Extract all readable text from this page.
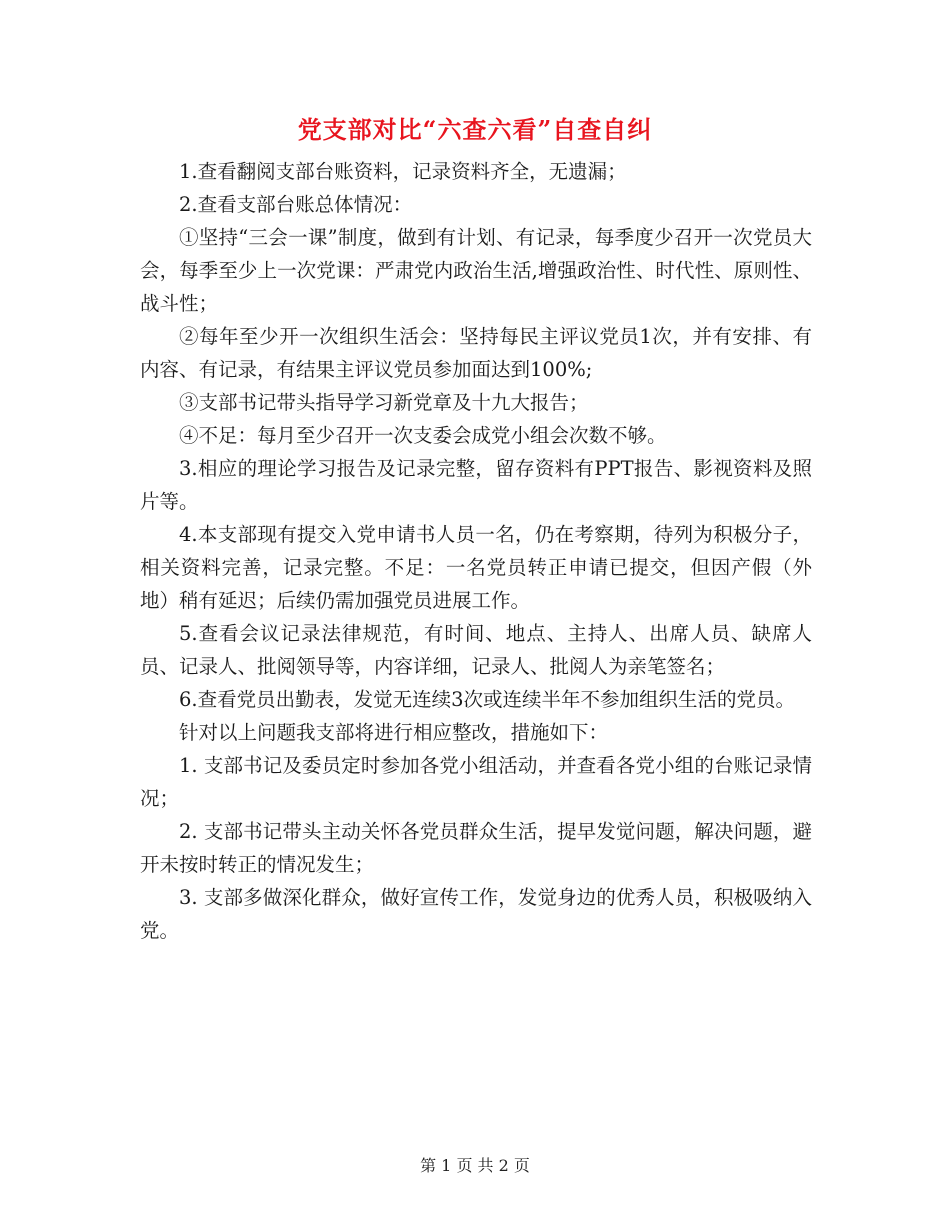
党支部对比“六查六看”自查自纠

1.查看翻阅支部台账资料，记录资料齐全，无遗漏；

2.查看支部台账总体情况：

①坚持“三会一课”制度，做到有计划、有记录，每季度少召开一次党员大会，每季至少上一次党课：严肃党内政治生活,增强政治性、时代性、原则性、战斗性；

②每年至少开一次组织生活会：坚持每民主评议党员1次，并有安排、有内容、有记录，有结果主评议党员参加面达到100%;

③支部书记带头指导学习新党章及十九大报告；

④不足：每月至少召开一次支委会成党小组会次数不够。

3.相应的理论学习报告及记录完整，留存资料有PPT报告、影视资料及照片等。

4.本支部现有提交入党申请书人员一名，仍在考察期，待列为积极分子，相关资料完善，记录完整。不足：一名党员转正申请已提交，但因产假（外地）稍有延迟；后续仍需加强党员进展工作。

5.查看会议记录法律规范，有时间、地点、主持人、出席人员、缺席人员、记录人、批阅领导等，内容详细，记录人、批阅人为亲笔签名；

6.查看党员出勤表，发觉无连续3次或连续半年不参加组织生活的党员。

针对以上问题我支部将进行相应整改，措施如下：

1. 支部书记及委员定时参加各党小组活动，并查看各党小组的台账记录情况；

2. 支部书记带头主动关怀各党员群众生活，提早发觉问题，解决问题，避开未按时转正的情况发生；

3. 支部多做深化群众，做好宣传工作，发觉身边的优秀人员，积极吸纳入党。

第 1 页 共 2 页
